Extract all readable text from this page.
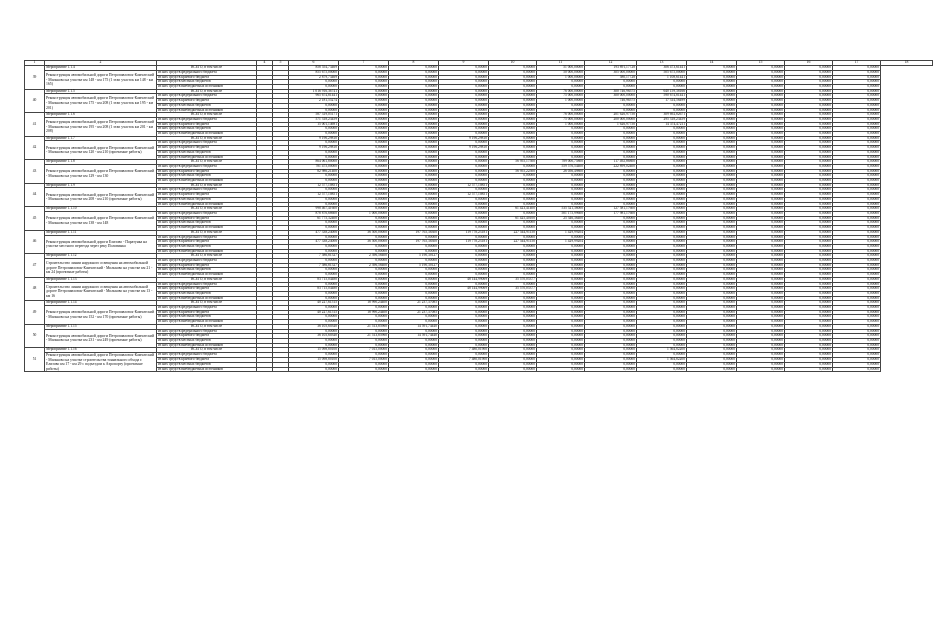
1	2		4	5	6	7	8	9	10	11	12	13	14	15	16	17	18
39	Мероприятие 1.1.4	ВСЕГО, в том числе			858 554,73469	0,00000	0,00000	0,00000	0,00000	51 000,00000	193 891,17728	306 473,61441	0,00000	0,00000	0,00000	0,00000	
	Реконструкция автомобильной дороги Петропавловск-Камчатский - Мильково на участке км 148 - км 175 (1 этап участок км 148 - км 165)	из них средств федерального бюджета			855 675,00000	0,00000	0,00000	0,00000	0,00000	50 000,00000	305 000,00000	505 675,00000	0,00000	0,00000	0,00000	0,00000	
		из них средств краевого бюджета			2 879,73469	0,00000	0,00000	0,00000	0,00000	1 000,00000	580,17728	1 108,61441	0,00000	0,00000	0,00000	0,00000	
		из них средств местных бюджетов			0,00000	0,00000	0,00000	0,00000	0,00000	0,00000	0,00000	0,00000	0,00000	0,00000	0,00000	0,00000	
		из них средств внебюджетных источников			0,00000	0,00000	0,00000	0,00000	0,00000	0,00000	0,00000	0,00000	0,00000	0,00000	0,00000	0,00000	
40	Мероприятие 1.1.5	ВСЕГО, в том числе			1 016 916,36741	0,00000	0,00000	0,00000	0,00000	76 000,00000	300 746,96575	640 159,38166	0,00000	0,00000	0,00000	0,00000	
	Реконструкция автомобильной дороги Петропавловск-Камчатский - Мильково на участке км 175 - км 208 (1 этап участок км 195 - км 201)	из них средств федерального бюджета			965 674,81441	0,00000	0,00000	0,00000	0,00000	75 000,00000	300 000,00000	590 674,81441	0,00000	0,00000	0,00000	0,00000	
		из них средств краевого бюджета			2 181,55274	0,00000	0,00000	0,00000	0,00000	1 000,00000	746,96575	17 314,56499	0,00000	0,00000	0,00000	0,00000	
		из них средств местных бюджетов			0,00000	0,00000	0,00000	0,00000	0,00000	0,00000	0,00000	0,00000	0,00000	0,00000	0,00000	0,00000	
		из них средств внебюджетных источников			0,00000	0,00000	0,00000	0,00000	0,00000	0,00000	0,00000	0,00000	0,00000	0,00000	0,00000	0,00000	
41	Мероприятие 1.1.6	ВСЕГО, в том числе			587 319,05171	0,00000	0,00000	0,00000	0,00000	76 000,00000	201 626,97750	309 692,82671	0,00000	0,00000	0,00000	0,00000	
	Реконструкция автомобильной дороги Петропавловск-Камчатский - Мильково на участке км 195 - км 208 (1 этап участок км 201 - км 208)	из них средств федерального бюджета			571 318,23459	0,00000	0,00000	0,00000	0,00000	75 000,00000	200 000,00000	295 318,23459	0,00000	0,00000	0,00000	0,00000	
		из них средств краевого бюджета			15 001,14691	0,00000	0,00000	0,00000	0,00000	1 000,00000	1 626,97750	14 374,47211	0,00000	0,00000	0,00000	0,00000	
		из них средств местных бюджетов			0,00000	0,00000	0,00000	0,00000	0,00000	0,00000	0,00000	0,00000	0,00000	0,00000	0,00000	0,00000	
		из них средств внебюджетных источников			0,00000	0,00000	0,00000	0,00000	0,00000	0,00000	0,00000	0,00000	0,00000	0,00000	0,00000	0,00000	
42	Мероприятие 1.1.7	ВСЕГО, в том числе			9 196,29810	0,00000	0,00000	9 196,29810	0,00000	0,00000	0,00000	0,00000	0,00000	0,00000	0,00000	0,00000	
	Реконструкция автомобильной дороги Петропавловск-Камчатский - Мильково на участке км 120 - км 210 (проектные работы)	из них средств федерального бюджета			0,00000	0,00000	0,00000	0,00000	0,00000	0,00000	0,00000	0,00000	0,00000	0,00000	0,00000	0,00000	
		из них средств краевого бюджета			9 196,29810	0,00000	0,00000	9 196,29810	0,00000	0,00000	0,00000	0,00000	0,00000	0,00000	0,00000	0,00000	
		из них средств местных бюджетов			0,00000	0,00000	0,00000	0,00000	0,00000	0,00000	0,00000	0,00000	0,00000	0,00000	0,00000	0,00000	
		из них средств внебюджетных источников			0,00000	0,00000	0,00000	0,00000	0,00000	0,00000	0,00000	0,00000	0,00000	0,00000	0,00000	0,00000	
43	Мероприятие 1.1.8	ВСЕГО, в том числе			864 061,80000	0,00000	0,00000	0,00000	56 955,17500	789 000,75800	117 492,86800	0,00000	0,00000	0,00000	0,00000	0,00000	
	Реконструкция автомобильной дороги Петропавловск-Камчатский - Мильково на участке км 129 - км 130	из них средств федерального бюджета			781 475,00000	0,00000	0,00000	0,00000	0,00000	559 576,54400	222 899,02400	0,00000	0,00000	0,00000	0,00000	0,00000	
		из них средств краевого бюджета			82 986,21400	0,00000	0,00000	0,00000	56 955,22500	26 056,49800	0,00000	0,00000	0,00000	0,00000	0,00000	0,00000	
		из них средств местных бюджетов			0,00000	0,00000	0,00000	0,00000	0,00000	0,00000	0,00000	0,00000	0,00000	0,00000	0,00000	0,00000	
		из них средств внебюджетных источников			0,00000	0,00000	0,00000	0,00000	0,00000	0,00000	0,00000	0,00000	0,00000	0,00000	0,00000	0,00000	
44	Мероприятие 1.1.9	ВСЕГО, в том числе			12 577,10851	0,00000	0,00000	12 577,10851	0,00000	0,00000	0,00000	0,00000	0,00000	0,00000	0,00000	0,00000	
	Реконструкция автомобильной дороги Петропавловск-Камчатский - Мильково на участке км 208 - км 210 (проектные работы)	из них средств федерального бюджета			0,00000	0,00000	0,00000	0,00000	0,00000	0,00000	0,00000	0,00000	0,00000	0,00000	0,00000	0,00000	
		из них средств краевого бюджета			12 577,10851	0,00000	0,00000	12 577,10851	0,00000	0,00000	0,00000	0,00000	0,00000	0,00000	0,00000	0,00000	
		из них средств местных бюджетов			0,00000	0,00000	0,00000	0,00000	0,00000	0,00000	0,00000	0,00000	0,00000	0,00000	0,00000	0,00000	
		из них средств внебюджетных источников			0,00000	0,00000	0,00000	0,00000	0,00000	0,00000	0,00000	0,00000	0,00000	0,00000	0,00000	0,00000	
45	Мероприятие 1.1.10	ВСЕГО, в том числе			998 467,41600	0,00000	0,00000	0,00000	61 423,41400	535 521,36000	127 581,17600	0,00000	0,00000	0,00000	0,00000	0,00000	
	Реконструкция автомобильной дороги Петропавловск-Камчатский - Мильково на участке км 138 - км 148	из них средств федерального бюджета			878 876,68600	1 000,00000	0,00000	0,00000	0,00000	501 175,99600	177 981,17600	0,00000	0,00000	0,00000	0,00000	0,00000	
		из них средств краевого бюджета			61 775,32400	0,00000	0,00000	0,00000	61 425,40100	25 346,36400	0,00000	0,00000	0,00000	0,00000	0,00000	0,00000	
		из них средств местных бюджетов			0,00000	0,00000	0,00000	0,00000	0,00000	0,00000	0,00000	0,00000	0,00000	0,00000	0,00000	0,00000	
		из них средств внебюджетных источников			0,00000	0,00000	0,00000	0,00000	0,00000	0,00000	0,00000	0,00000	0,00000	0,00000	0,00000	0,00000	
46	Мероприятие 1.1.11	ВСЕГО, в том числе			477 338,24006	36 500,00000	197 765,38300	119 778,23181	227 544,91150	1 429,99204	0,00000	0,00000	0,00000	0,00000	0,00000	0,00000	
	Реконструкция автомобильной дороги Елизово - Паратунка на участке местного переезда через реку Половинка	из них средств федерального бюджета			0,00000	0,00000	0,00000	0,00000	0,00000	0,00000	0,00000	0,00000	0,00000	0,00000	0,00000	0,00000	
		из них средств краевого бюджета			477 338,24006	36 500,00000	197 765,38300	119 778,23181	227 544,91150	1 429,99204	0,00000	0,00000	0,00000	0,00000	0,00000	0,00000	
		из них средств местных бюджетов			0,00000	0,00000	0,00000	0,00000	0,00000	0,00000	0,00000	0,00000	0,00000	0,00000	0,00000	0,00000	
		из них средств внебюджетных источников			0,00000	0,00000	0,00000	0,00000	0,00000	0,00000	0,00000	0,00000	0,00000	0,00000	0,00000	0,00000	
47	Мероприятие 1.1.12	ВСЕГО, в том числе			7 586,81527	2 396,58400	5 190,30127	0,00000	0,00000	0,00000	0,00000	0,00000	0,00000	0,00000	0,00000	0,00000	
	Строительство линии наружного освещения на автомобильной дороге Петропавловск-Камчатский - Мильково на участке км 21 - км 24 (проектные работы)	из них средств федерального бюджета			0,00000	0,00000	0,00000	0,00000	0,00000	0,00000	0,00000	0,00000	0,00000	0,00000	0,00000	0,00000	
		из них средств краевого бюджета			7 586,81527	2 396,58400	5 190,30127	0,00000	0,00000	0,00000	0,00000	0,00000	0,00000	0,00000	0,00000	0,00000	
		из них средств местных бюджетов			0,00000	0,00000	0,00000	0,00000	0,00000	0,00000	0,00000	0,00000	0,00000	0,00000	0,00000	0,00000	
		из них средств внебюджетных источников			0,00000	0,00000	0,00000	0,00000	0,00000	0,00000	0,00000	0,00000	0,00000	0,00000	0,00000	0,00000	
48	Мероприятие 1.1.13	ВСЕГО, в том числе			83 715,04480	0,00000	0,00000	48 144,99069	35 570,05377	0,00000	0,00000	0,00000	0,00000	0,00000	0,00000	0,00000	
	Строительство линии наружного освещения на автомобильной дороге Петропавловск-Камчатский - Мильково на участке км 13 - км 16	из них средств федерального бюджета			0,00000	0,00000	0,00000	0,00000	0,00000	0,00000	0,00000	0,00000	0,00000	0,00000	0,00000	0,00000	
		из них средств краевого бюджета			83 715,04480	0,00000	0,00000	48 144,99069	35 570,05377	0,00000	0,00000	0,00000	0,00000	0,00000	0,00000	0,00000	
		из них средств местных бюджетов			0,00000	0,00000	0,00000	0,00000	0,00000	0,00000	0,00000	0,00000	0,00000	0,00000	0,00000	0,00000	
		из них средств внебюджетных источников			0,00000	0,00000	0,00000	0,00000	0,00000	0,00000	0,00000	0,00000	0,00000	0,00000	0,00000	0,00000	
49	Мероприятие 1.1.14	ВСЕГО, в том числе			40 227,61515	18 990,24400	21 237,37085	0,00000	0,00000	0,00000	0,00000	0,00000	0,00000	0,00000	0,00000	0,00000	
	Реконструкция автомобильной дороги Петропавловск-Камчатский - Мильково на участке км 152 - км 170 (проектные работы)	из них средств федерального бюджета			0,00000	0,00000	0,00000	0,00000	0,00000	0,00000	0,00000	0,00000	0,00000	0,00000	0,00000	0,00000	
		из них средств краевого бюджета			40 227,61515	18 990,24400	21 237,37085	0,00000	0,00000	0,00000	0,00000	0,00000	0,00000	0,00000	0,00000	0,00000	
		из них средств местных бюджетов			0,00000	0,00000	0,00000	0,00000	0,00000	0,00000	0,00000	0,00000	0,00000	0,00000	0,00000	0,00000	
		из них средств внебюджетных источников			0,00000	0,00000	0,00000	0,00000	0,00000	0,00000	0,00000	0,00000	0,00000	0,00000	0,00000	0,00000	
50	Мероприятие 1.1.15	ВСЕГО, в том числе			36 105,60340	21 513,85960	14 591,74440	0,00000	0,00000	0,00000	0,00000	0,00000	0,00000	0,00000	0,00000	0,00000	
	Реконструкция автомобильной дороги Петропавловск-Камчатский - Мильково на участке км 231 - км 249 (проектные работы)	из них средств федерального бюджета			0,00000	0,00000	0,00000	0,00000	0,00000	0,00000	0,00000	0,00000	0,00000	0,00000	0,00000	0,00000	
		из них средств краевого бюджета			36 105,60340	21 513,85960	14 591,74440	0,00000	0,00000	0,00000	0,00000	0,00000	0,00000	0,00000	0,00000	0,00000	
		из них средств местных бюджетов			0,00000	0,00000	0,00000	0,00000	0,00000	0,00000	0,00000	0,00000	0,00000	0,00000	0,00000	0,00000	
		из них средств внебюджетных источников			0,00000	0,00000	0,00000	0,00000	0,00000	0,00000	0,00000	0,00000	0,00000	0,00000	0,00000	0,00000	
51	Мероприятие 1.1.16	ВСЕГО, в том числе			15 098,80100	7 015,00000	0,00000	7 480,01900	0,00000	0,00000	0,00000	1 564,82200	0,00000	0,00000	0,00000	0,00000	
	Реконструкция автомобильной дороги Петропавловск-Камчатский - Мильково на участке строительства тоннельного обхода г. Елизово км 17 - км 29 с подъездом к Аэропорту (проектные работы)	из них средств федерального бюджета			0,00000	0,00000	0,00000	0,00000	0,00000	0,00000	0,00000	0,00000	0,00000	0,00000	0,00000	0,00000	
		из них средств краевого бюджета			15 098,80100	7 015,00000	0,00000	7 480,01900	0,00000	0,00000	0,00000	1 564,82200	0,00000	0,00000	0,00000	0,00000	
		из них средств местных бюджетов			0,00000	0,00000	0,00000	0,00000	0,00000	0,00000	0,00000	0,00000	0,00000	0,00000	0,00000	0,00000	
		из них средств внебюджетных источников			0,00000	0,00000	0,00000	0,00000	0,00000	0,00000	0,00000	0,00000	0,00000	0,00000	0,00000	0,00000	
